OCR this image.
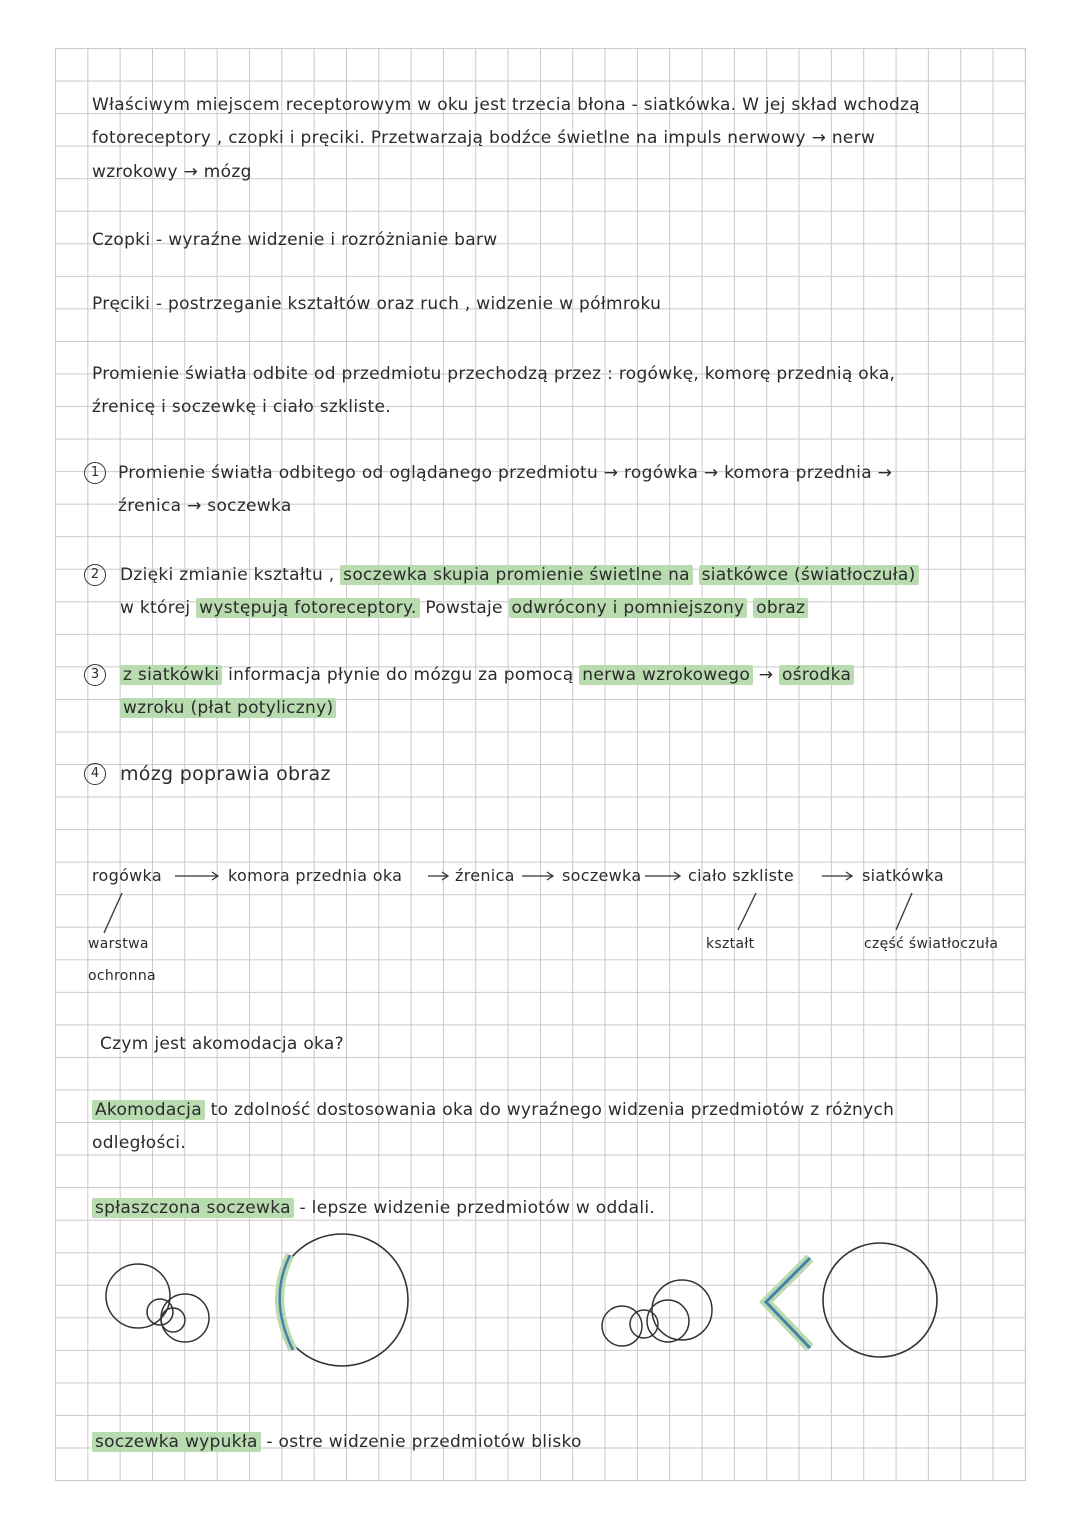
Właściwym miejscem receptorowym w oku jest trzecia błona - siatkówka. W jej skład wchodzą
fotoreceptory , czopki i pręciki. Przetwarzają bodźce świetlne na impuls nerwowy → nerw
wzrokowy → mózg
Czopki - wyraźne widzenie i rozróżnianie barw
Pręciki - postrzeganie kształtów oraz ruch , widzenie w półmroku
Promienie światła odbite od przedmiotu przechodzą przez : rogówkę, komorę przednią oka,
źrenicę i soczewkę i ciało szkliste.
1	Promienie światła odbitego od oglądanego przedmiotu → rogówka → komora przednia →
źrenica → soczewka
2	Dzięki zmianie kształtu , soczewka skupia promienie świetlne na siatkówce (światłoczuła)
w której występują fotoreceptory. Powstaje odwrócony i pomniejszony obraz
3	z siatkówki informacja płynie do mózgu za pomocą nerwa wzrokowego → ośrodka
wzroku (płat potyliczny)
4	mózg poprawia obraz
rogówka	komora przednia oka	źrenica	soczewka	ciało szkliste	siatkówka
warstwa
ochronna
kształt	część światłoczuła
Czym jest akomodacja oka?
Akomodacja to zdolność dostosowania oka do wyraźnego widzenia przedmiotów z różnych
odległości.
spłaszczona soczewka - lepsze widzenie przedmiotów w oddali.
soczewka wypukła - ostre widzenie przedmiotów blisko
